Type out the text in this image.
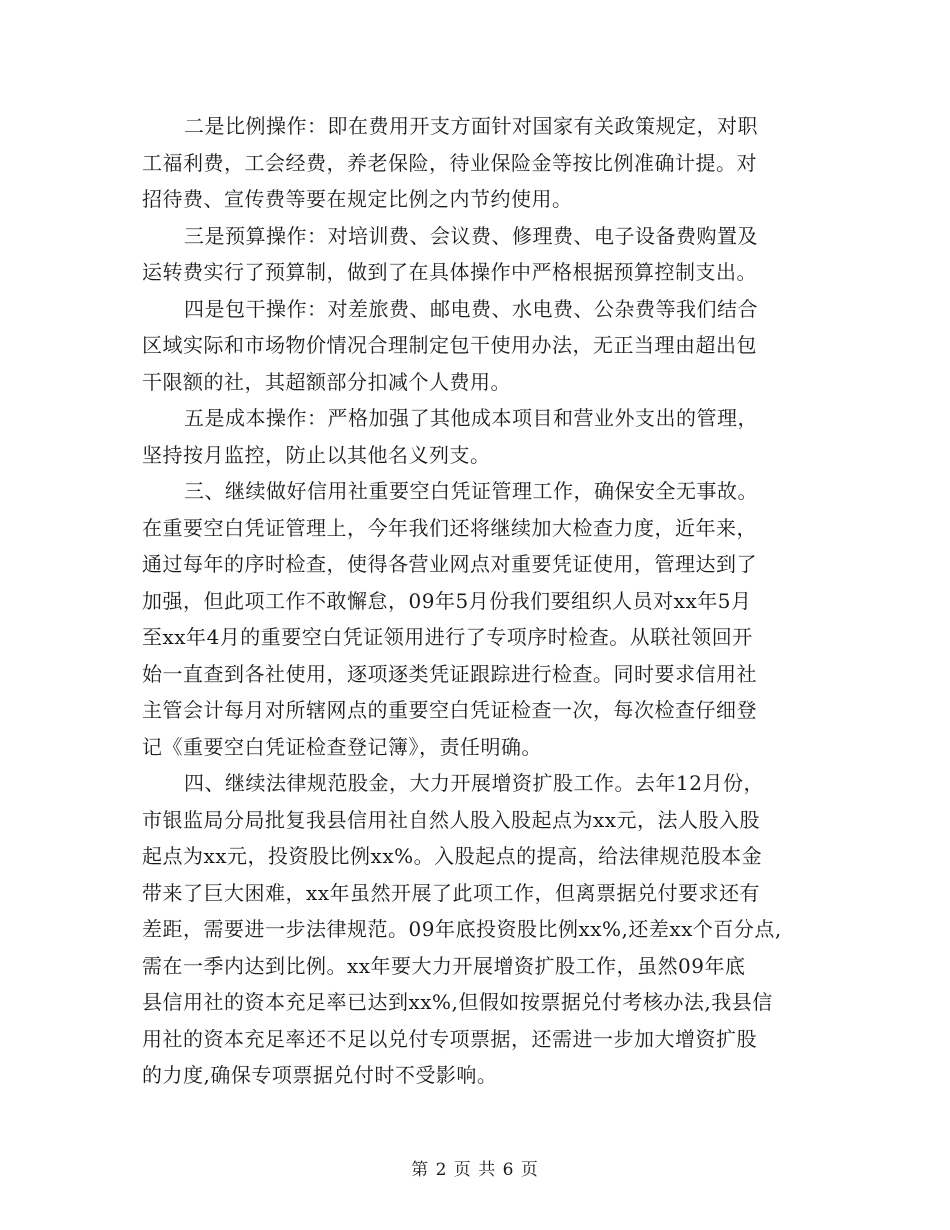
二是比例操作：即在费用开支方面针对国家有关政策规定，对职
工福利费，工会经费，养老保险，待业保险金等按比例准确计提。对
招待费、宣传费等要在规定比例之内节约使用。
三是预算操作：对培训费、会议费、修理费、电子设备费购置及
运转费实行了预算制，做到了在具体操作中严格根据预算控制支出。
四是包干操作：对差旅费、邮电费、水电费、公杂费等我们结合
区域实际和市场物价情况合理制定包干使用办法，无正当理由超出包
干限额的社，其超额部分扣减个人费用。
五是成本操作：严格加强了其他成本项目和营业外支出的管理，
坚持按月监控，防止以其他名义列支。
三、继续做好信用社重要空白凭证管理工作，确保安全无事故。
在重要空白凭证管理上，今年我们还将继续加大检查力度，近年来，
通过每年的序时检查，使得各营业网点对重要凭证使用，管理达到了
加强，但此项工作不敢懈怠，09年5月份我们要组织人员对xx年5月
至xx年4月的重要空白凭证领用进行了专项序时检查。从联社领回开
始一直查到各社使用，逐项逐类凭证跟踪进行检查。同时要求信用社
主管会计每月对所辖网点的重要空白凭证检查一次，每次检查仔细登
记《重要空白凭证检查登记簿》，责任明确。
四、继续法律规范股金，大力开展增资扩股工作。去年12月份，
市银监局分局批复我县信用社自然人股入股起点为xx元，法人股入股
起点为xx元，投资股比例xx%。入股起点的提高，给法律规范股本金
带来了巨大困难，xx年虽然开展了此项工作，但离票据兑付要求还有
差距，需要进一步法律规范。09年底投资股比例xx%,还差xx个百分点,
需在一季内达到比例。xx年要大力开展增资扩股工作，虽然09年底
县信用社的资本充足率已达到xx%,但假如按票据兑付考核办法,我县信
用社的资本充足率还不足以兑付专项票据，还需进一步加大增资扩股
的力度,确保专项票据兑付时不受影响。
第 2 页 共 6 页
